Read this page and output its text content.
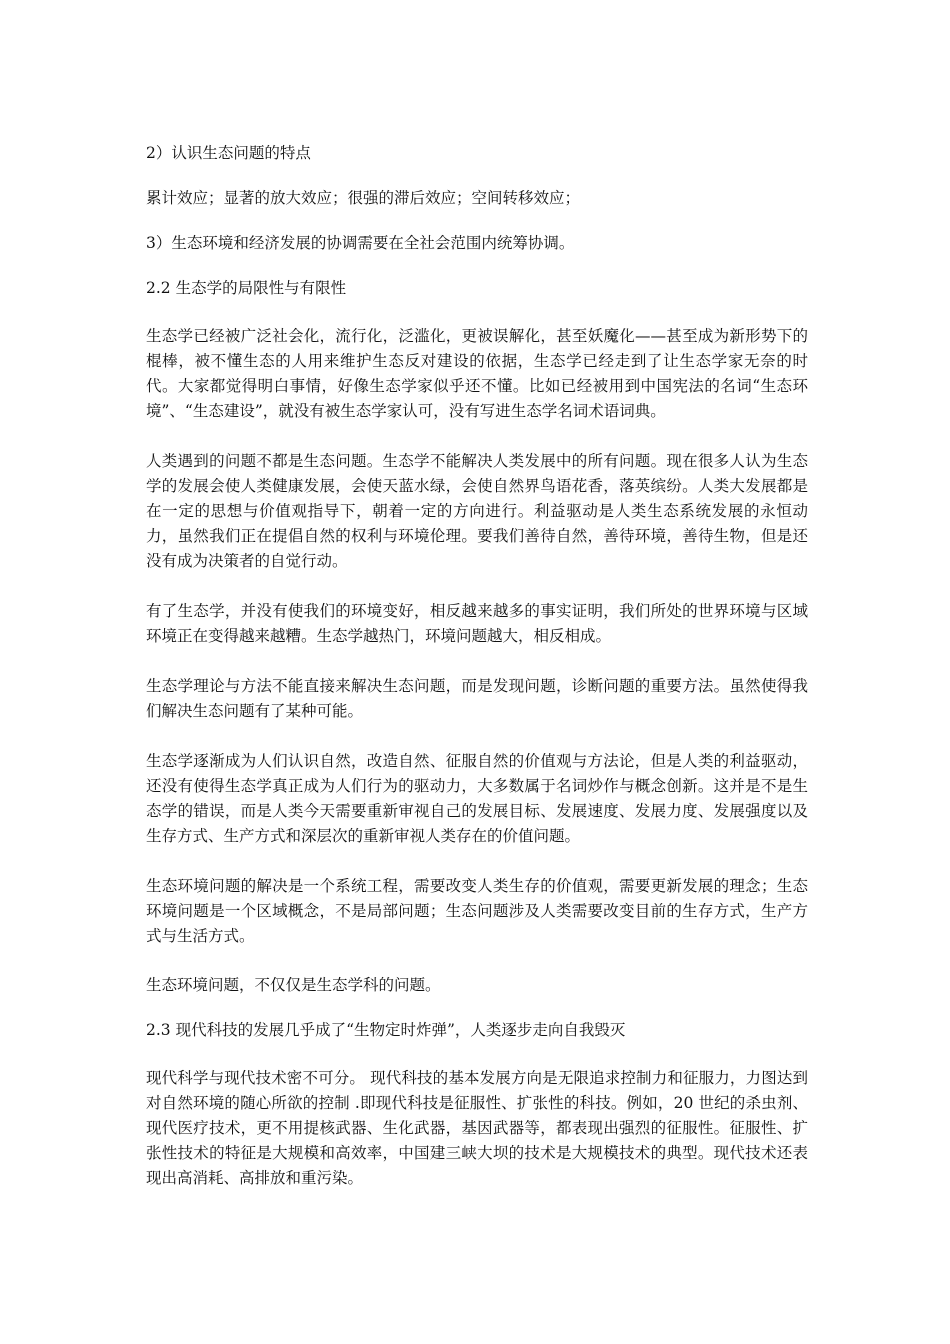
2）认识生态问题的特点

累计效应；显著的放大效应；很强的滞后效应；空间转移效应；

3）生态环境和经济发展的协调需要在全社会范围内统筹协调。

2.2 生态学的局限性与有限性

生态学已经被广泛社会化，流行化，泛滥化，更被误解化，甚至妖魔化——甚至成为新形势下的棍棒，被不懂生态的人用来维护生态反对建设的依据，生态学已经走到了让生态学家无奈的时代。大家都觉得明白事情，好像生态学家似乎还不懂。比如已经被用到中国宪法的名词“生态环境”、“生态建设”，就没有被生态学家认可，没有写进生态学名词术语词典。

人类遇到的问题不都是生态问题。生态学不能解决人类发展中的所有问题。现在很多人认为生态学的发展会使人类健康发展，会使天蓝水绿，会使自然界鸟语花香，落英缤纷。人类大发展都是在一定的思想与价值观指导下，朝着一定的方向进行。利益驱动是人类生态系统发展的永恒动力，虽然我们正在提倡自然的权利与环境伦理。要我们善待自然，善待环境，善待生物，但是还没有成为决策者的自觉行动。

有了生态学，并没有使我们的环境变好，相反越来越多的事实证明，我们所处的世界环境与区域环境正在变得越来越糟。生态学越热门，环境问题越大，相反相成。

生态学理论与方法不能直接来解决生态问题，而是发现问题，诊断问题的重要方法。虽然使得我们解决生态问题有了某种可能。

生态学逐渐成为人们认识自然，改造自然、征服自然的价值观与方法论，但是人类的利益驱动，还没有使得生态学真正成为人们行为的驱动力，大多数属于名词炒作与概念创新。这并是不是生态学的错误，而是人类今天需要重新审视自己的发展目标、发展速度、发展力度、发展强度以及生存方式、生产方式和深层次的重新审视人类存在的价值问题。

生态环境问题的解决是一个系统工程，需要改变人类生存的价值观，需要更新发展的理念；生态环境问题是一个区域概念，不是局部问题；生态问题涉及人类需要改变目前的生存方式，生产方式与生活方式。

生态环境问题，不仅仅是生态学科的问题。

2.3 现代科技的发展几乎成了“生物定时炸弹”，人类逐步走向自我毁灭

现代科学与现代技术密不可分。 现代科技的基本发展方向是无限追求控制力和征服力，力图达到对自然环境的随心所欲的控制 .即现代科技是征服性、扩张性的科技。例如，20 世纪的杀虫剂、现代医疗技术，更不用提核武器、生化武器，基因武器等，都表现出强烈的征服性。征服性、扩张性技术的特征是大规模和高效率，中国建三峡大坝的技术是大规模技术的典型。现代技术还表现出高消耗、高排放和重污染。
